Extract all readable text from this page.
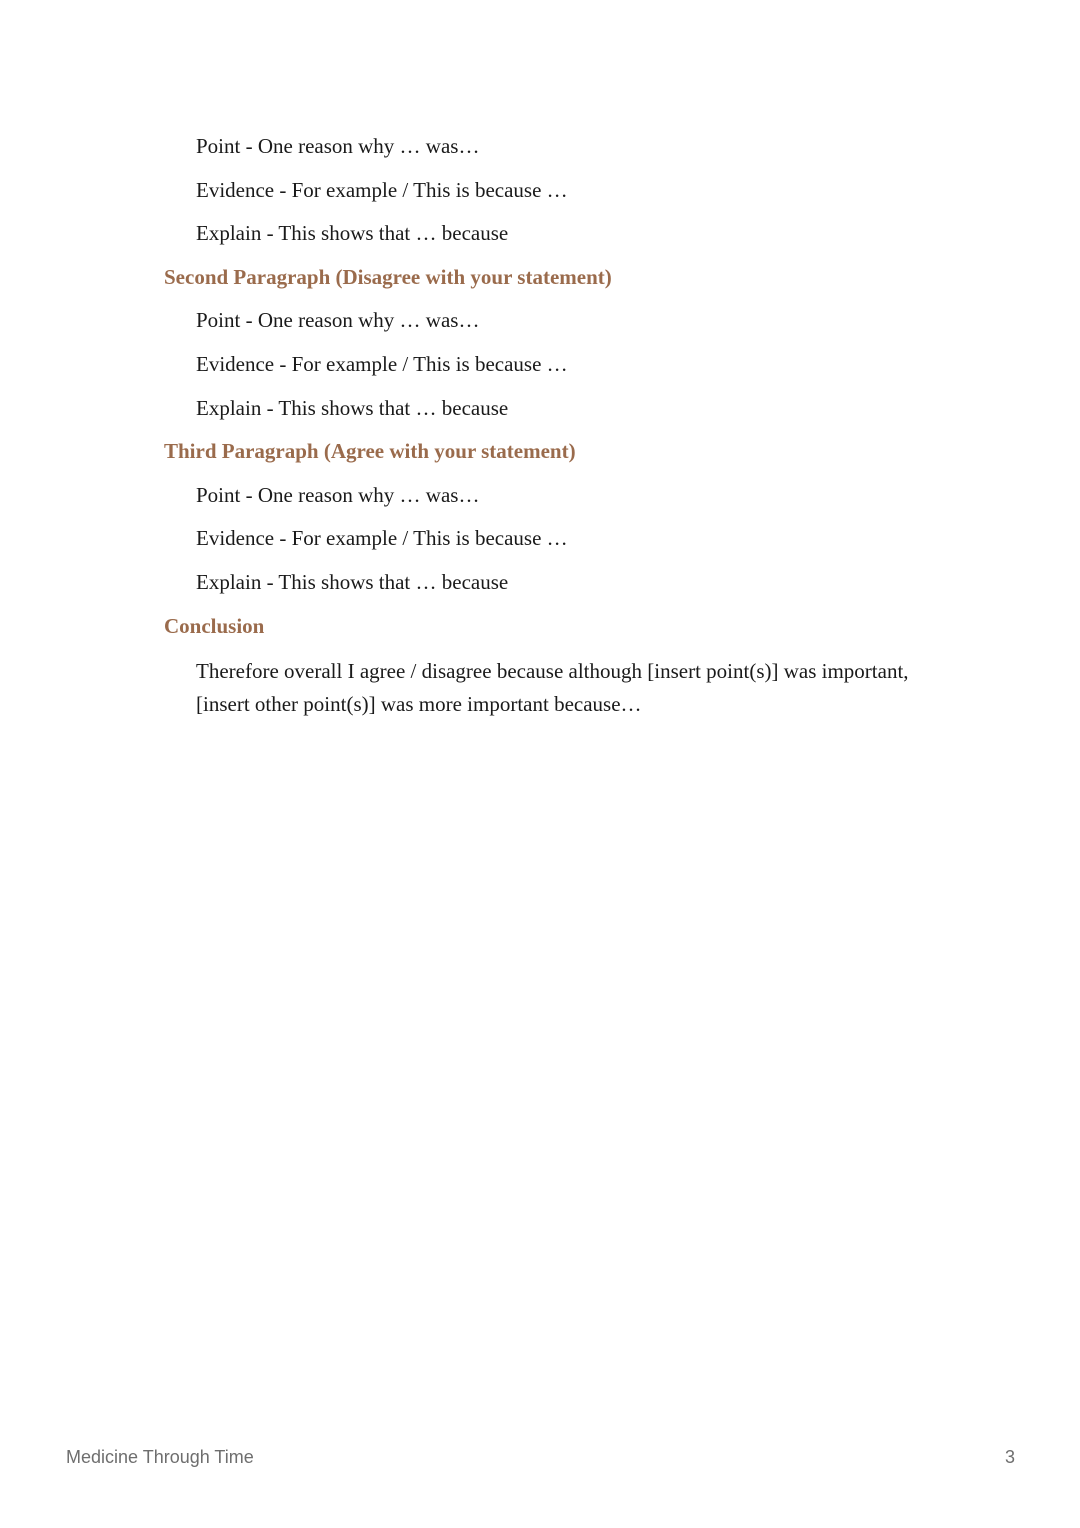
Point - One reason why … was…
Evidence - For example / This is because …
Explain - This shows that … because
Second Paragraph (Disagree with your statement)
Point - One reason why … was…
Evidence - For example / This is because …
Explain - This shows that … because
Third Paragraph (Agree with your statement)
Point - One reason why … was…
Evidence - For example / This is because …
Explain - This shows that … because
Conclusion
Therefore overall I agree / disagree because although [insert point(s)] was important, [insert other point(s)] was more important because…
Medicine Through Time	3
